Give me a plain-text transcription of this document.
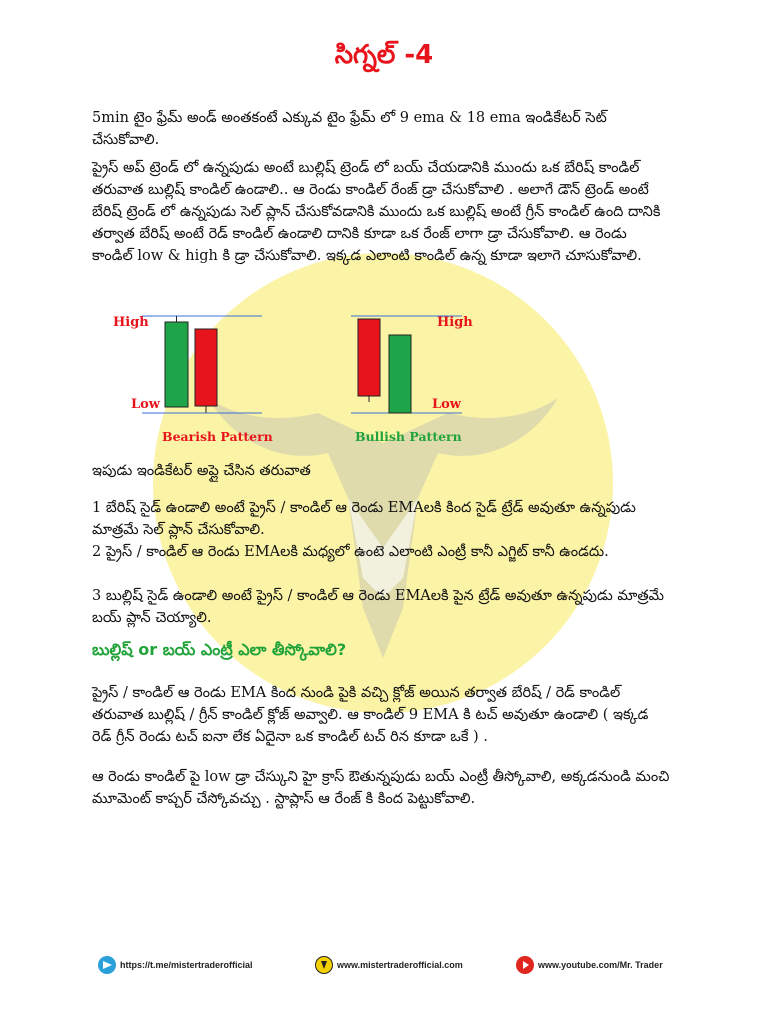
సిగ్నల్ -4

5min టైం ఫ్రేమ్ అండ్ అంతకంటే ఎక్కువ టైం ఫ్రేమ్ లో 9 ema & 18 ema ఇండికేటర్ సెట్ చేసుకోవాలి.

ప్రైస్ అప్ ట్రెండ్ లో ఉన్నపుడు అంటే బుల్లిష్ ట్రెండ్ లో బయ్ చేయడానికి ముందు ఒక బేరిష్ కాండిల్ తరువాత బుల్లిష్ కాండిల్ ఉండాలి.. ఆ రెండు కాండిల్ రేంజ్ డ్రా చేసుకోవాలి . అలాగే డౌన్ ట్రెండ్ అంటే బేరిష్ ట్రెండ్ లో ఉన్నపుడు సెల్ ప్లాన్ చేసుకోవడానికి ముందు ఒక బుల్లిష్ అంటే గ్రీన్ కాండిల్ ఉంది దానికి తర్వాత బేరిష్ అంటే రెడ్ కాండిల్ ఉండాలి దానికి కూడా ఒక రేంజ్ లాగా డ్రా చేసుకోవాలి. ఆ రెండు కాండిల్ low & high కి డ్రా చేసుకోవాలి. ఇక్కడ ఎలాంటి కాండిల్ ఉన్న కూడా ఇలాగె చూసుకోవాలి.

High
Low
Bearish Pattern
High
Low
Bullish Pattern

ఇపుడు ఇండికేటర్ అప్లై చేసిన తరువాత

1 బేరిష్ సైడ్ ఉండాలి అంటే ప్రైస్ / కాండిల్ ఆ రెండు EMAలకి కింద సైడ్ ట్రేడ్ అవుతూ ఉన్నపుడు మాత్రమే సెల్ ప్లాన్ చేసుకోవాలి.

2 ప్రైస్ / కాండిల్ ఆ రెండు EMAలకి మధ్యలో ఉంటె ఎలాంటి ఎంట్రీ కానీ ఎగ్జిట్ కానీ ఉండదు.

3 బుల్లిష్ సైడ్ ఉండాలి అంటే ప్రైస్ / కాండిల్ ఆ రెండు EMAలకి పైన ట్రేడ్ అవుతూ ఉన్నపుడు మాత్రమే బయ్ ప్లాన్ చెయ్యాలి.

బుల్లిష్ or బయ్ ఎంట్రీ ఎలా తీస్కోవాలి?

ప్రైస్ / కాండిల్ ఆ రెండు EMA కింద నుండి పైకి వచ్చి క్లోజ్ అయిన తర్వాత బేరిష్ / రెడ్ కాండిల్ తరువాత బుల్లిష్ / గ్రీన్ కాండిల్ క్లోజ్ అవ్వాలి. ఆ కాండిల్ 9 EMA కి టచ్ అవుతూ ఉండాలి ( ఇక్కడ రెడ్ గ్రీన్ రెండు టచ్ ఐనా లేక ఏదైనా ఒక కాండిల్ టచ్ రిన కూడా ఒకే ) .

ఆ రెండు కాండిల్ పై low డ్రా చేస్కుని హై క్రాస్ ఔతున్నపుడు బయ్ ఎంట్రీ తీస్కోవాలి, అక్కడనుండి మంచి మూమెంట్ కాప్చర్ చేస్కోవచ్చు . స్టాప్లాస్ ఆ రేంజ్ కి కింద పెట్టుకోవాలి.

https://t.me/mistertraderofficial	www.mistertraderofficial.com	www.youtube.com/Mr. Trader
